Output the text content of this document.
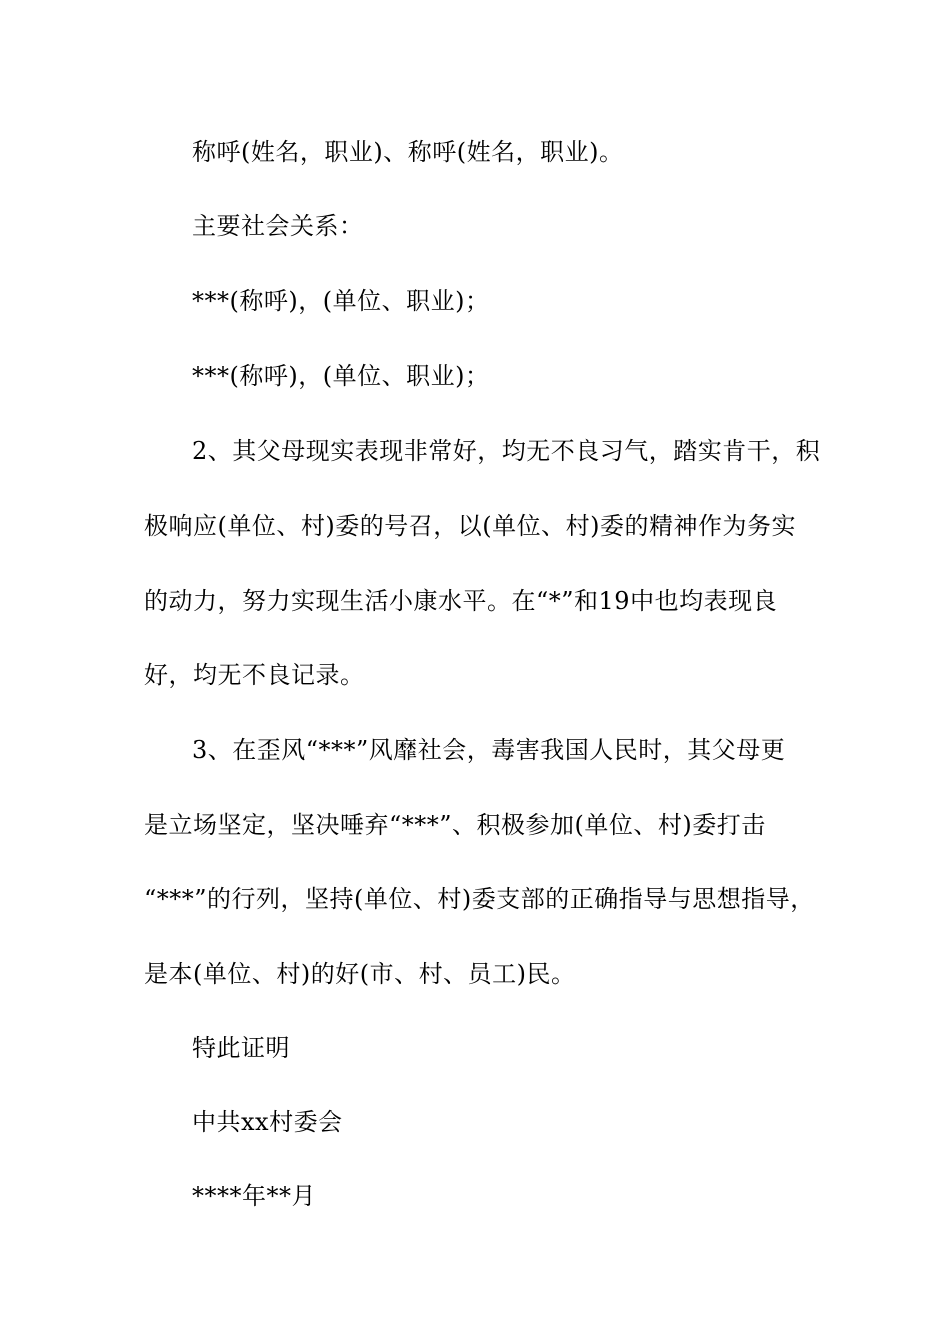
称呼(姓名，职业)、称呼(姓名，职业)。
主要社会关系：
***(称呼)，(单位、职业)；
***(称呼)，(单位、职业)；
2、其父母现实表现非常好，均无不良习气，踏实肯干，积
极响应(单位、村)委的号召，以(单位、村)委的精神作为务实
的动力，努力实现生活小康水平。在“*”和19中也均表现良
好，均无不良记录。
3、在歪风“***”风靡社会，毒害我国人民时，其父母更
是立场坚定，坚决唾弃“***”、积极参加(单位、村)委打击
“***”的行列，坚持(单位、村)委支部的正确指导与思想指导，
是本(单位、村)的好(市、村、员工)民。
特此证明
中共xx村委会
****年**月
